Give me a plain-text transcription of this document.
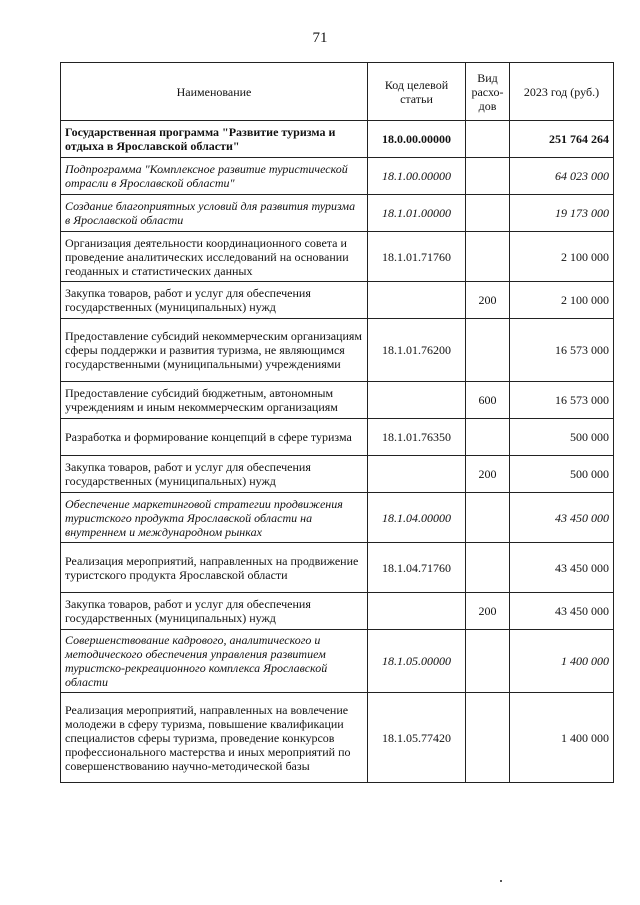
71
Наименование	Код целевой статьи	Вид расхо-дов	2023 год (руб.)
Государственная программа "Развитие туризма и отдыха в Ярославской области"	18.0.00.00000		251 764 264
Подпрограмма "Комплексное развитие туристической отрасли в Ярославской области"	18.1.00.00000		64 023 000
Создание благоприятных условий для развития туризма в Ярославской области	18.1.01.00000		19 173 000
Организация деятельности координационного совета и проведение аналитических исследований на основании геоданных и статистических данных	18.1.01.71760		2 100 000
Закупка товаров, работ и услуг для обеспечения государственных (муниципальных) нужд		200	2 100 000
Предоставление субсидий некоммерческим организациям сферы поддержки и развития туризма, не являющимся государственными (муниципальными) учреждениями	18.1.01.76200		16 573 000
Предоставление субсидий бюджетным, автономным учреждениям и иным некоммерческим организациям		600	16 573 000
Разработка и формирование концепций в сфере туризма	18.1.01.76350		500 000
Закупка товаров, работ и услуг для обеспечения государственных (муниципальных) нужд		200	500 000
Обеспечение маркетинговой стратегии продвижения туристского продукта Ярославской области на внутреннем и международном рынках	18.1.04.00000		43 450 000
Реализация мероприятий, направленных на продвижение туристского продукта Ярославской области	18.1.04.71760		43 450 000
Закупка товаров, работ и услуг для обеспечения государственных (муниципальных) нужд		200	43 450 000
Совершенствование кадрового, аналитического и методического обеспечения управления развитием туристско-рекреационного комплекса Ярославской области	18.1.05.00000		1 400 000
Реализация мероприятий, направленных на вовлечение молодежи в сферу туризма, повышение квалификации специалистов сферы туризма, проведение конкурсов профессионального мастерства и иных мероприятий по совершенствованию научно-методической базы	18.1.05.77420		1 400 000
